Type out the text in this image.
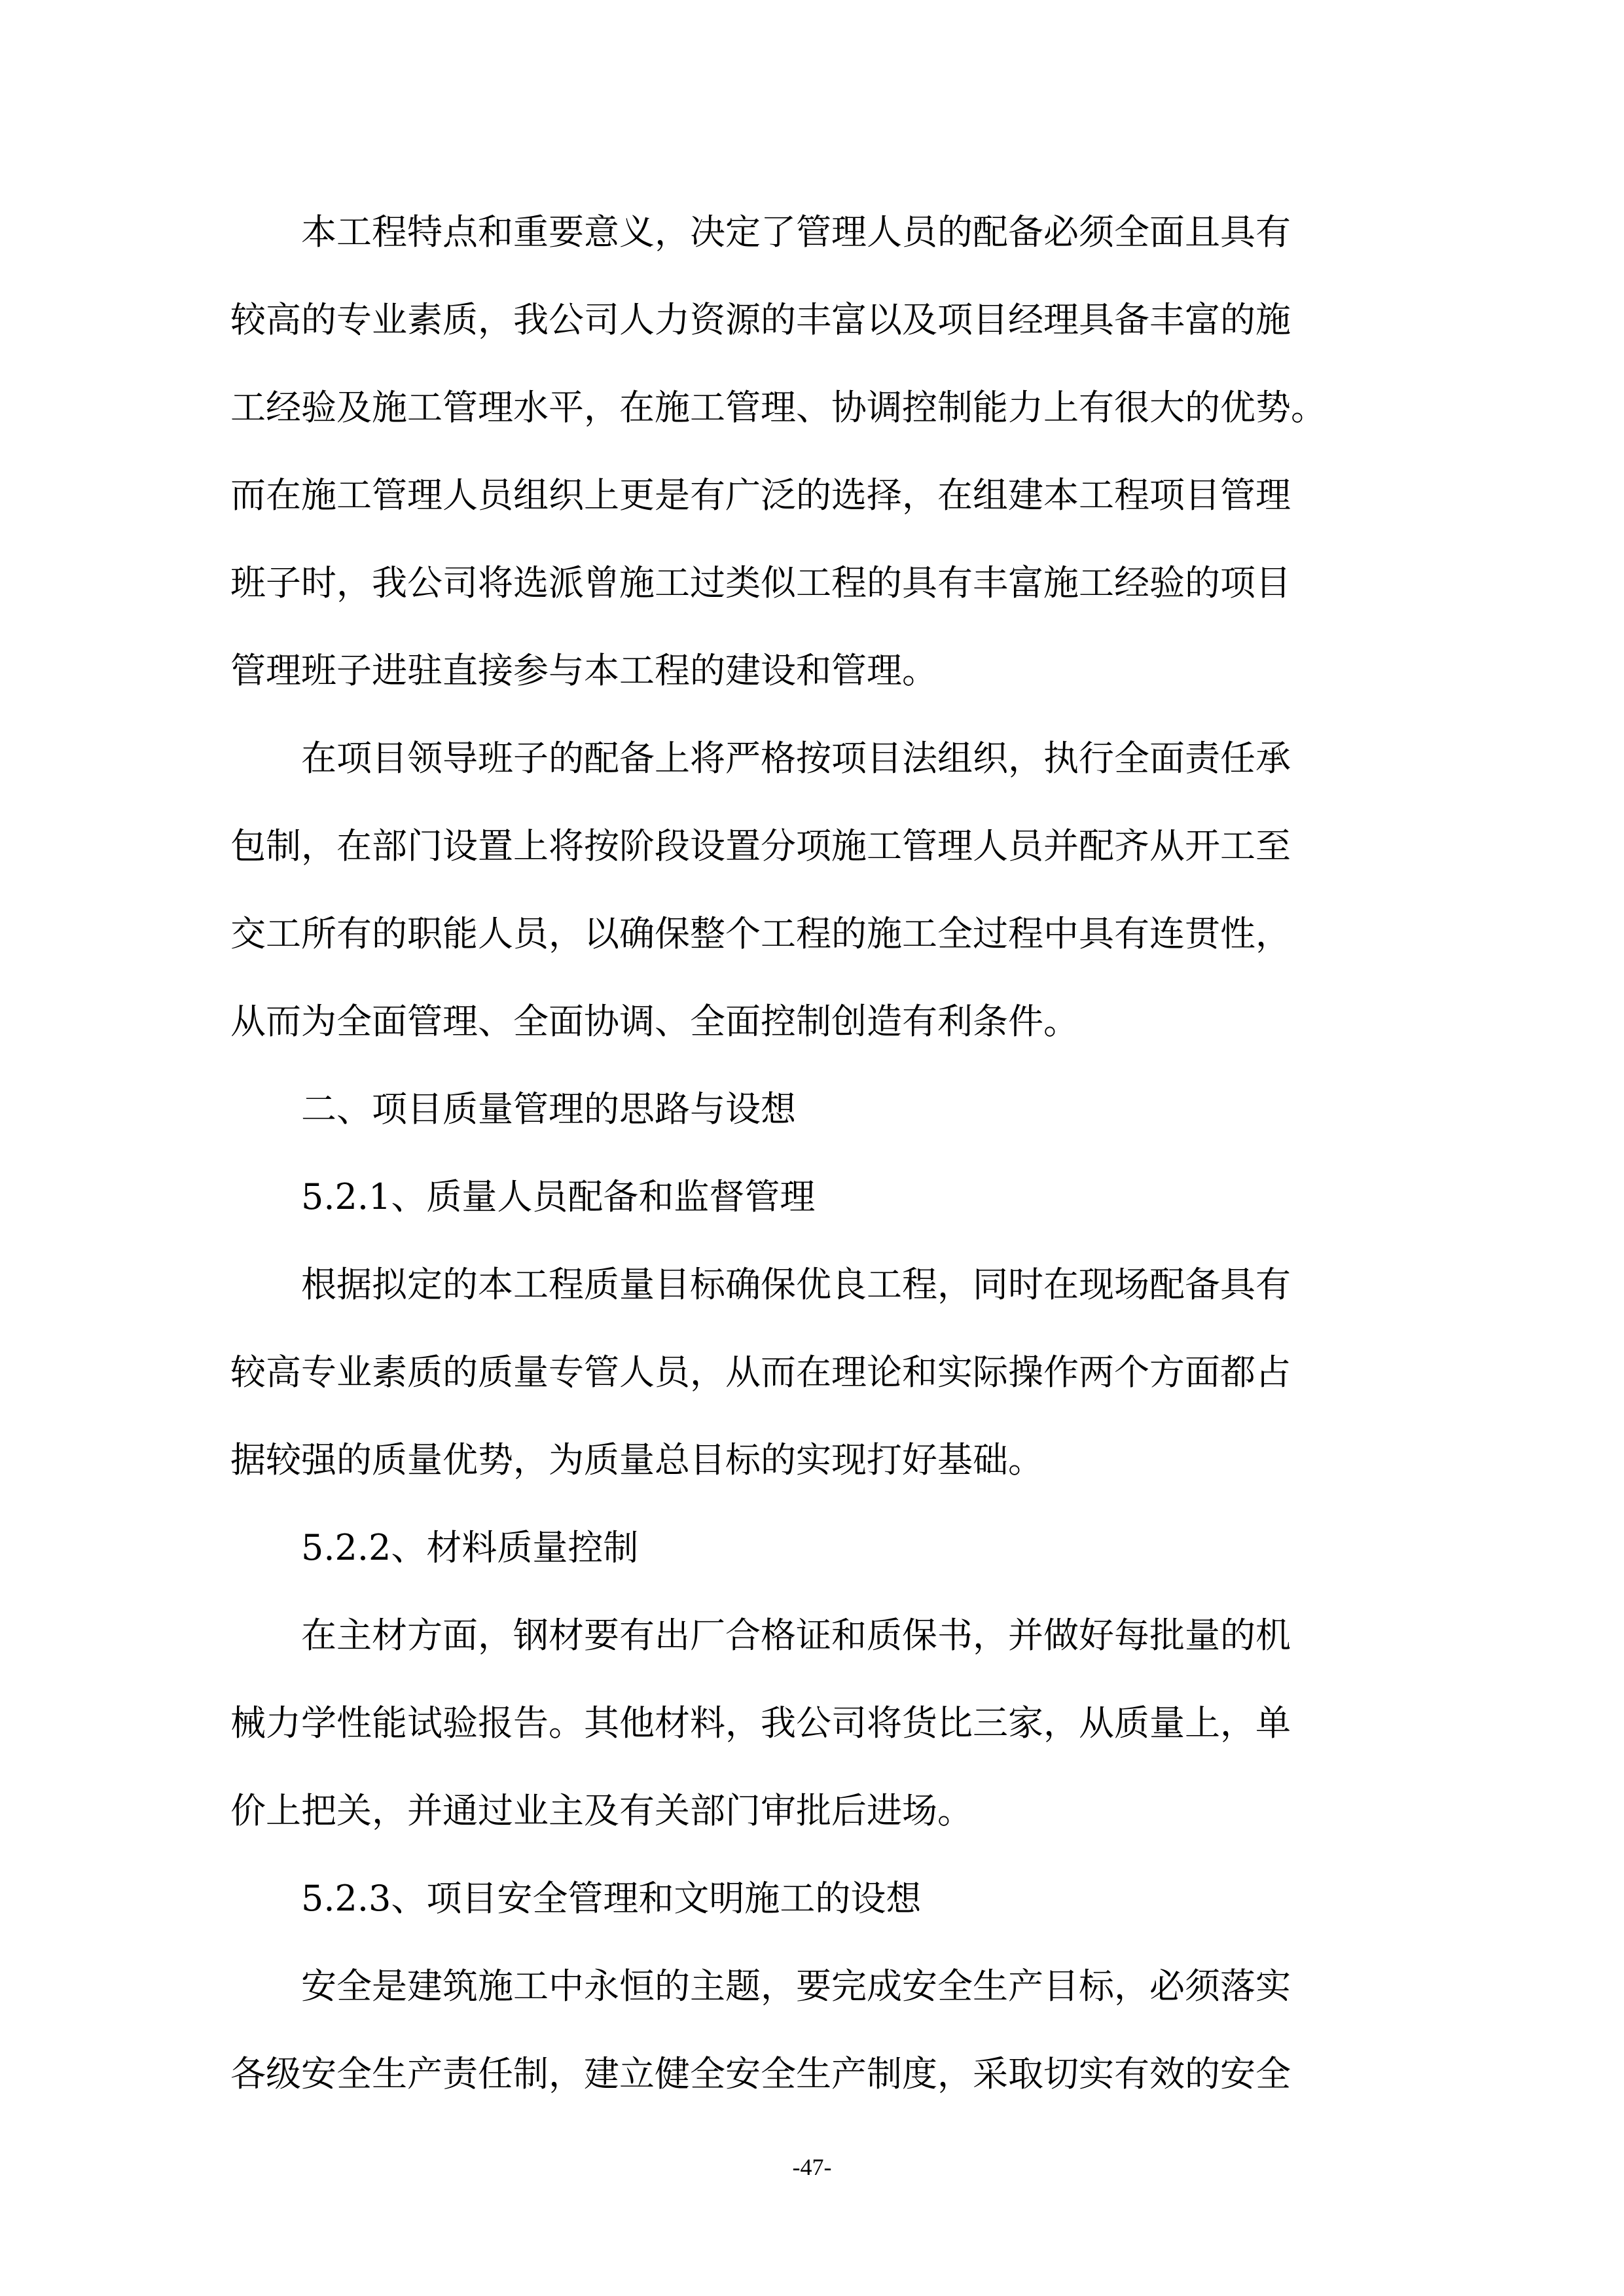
本工程特点和重要意义，决定了管理人员的配备必须全面且具有
较高的专业素质，我公司人力资源的丰富以及项目经理具备丰富的施
工经验及施工管理水平，在施工管理、协调控制能力上有很大的优势。
而在施工管理人员组织上更是有广泛的选择，在组建本工程项目管理
班子时，我公司将选派曾施工过类似工程的具有丰富施工经验的项目
管理班子进驻直接参与本工程的建设和管理。

在项目领导班子的配备上将严格按项目法组织，执行全面责任承
包制，在部门设置上将按阶段设置分项施工管理人员并配齐从开工至
交工所有的职能人员，以确保整个工程的施工全过程中具有连贯性，
从而为全面管理、全面协调、全面控制创造有利条件。

二、项目质量管理的思路与设想

5.2.1、质量人员配备和监督管理

根据拟定的本工程质量目标确保优良工程，同时在现场配备具有
较高专业素质的质量专管人员，从而在理论和实际操作两个方面都占
据较强的质量优势，为质量总目标的实现打好基础。

5.2.2、材料质量控制

在主材方面，钢材要有出厂合格证和质保书，并做好每批量的机
械力学性能试验报告。其他材料，我公司将货比三家，从质量上，单
价上把关，并通过业主及有关部门审批后进场。

5.2.3、项目安全管理和文明施工的设想

安全是建筑施工中永恒的主题，要完成安全生产目标，必须落实
各级安全生产责任制，建立健全安全生产制度，采取切实有效的安全

-47-
